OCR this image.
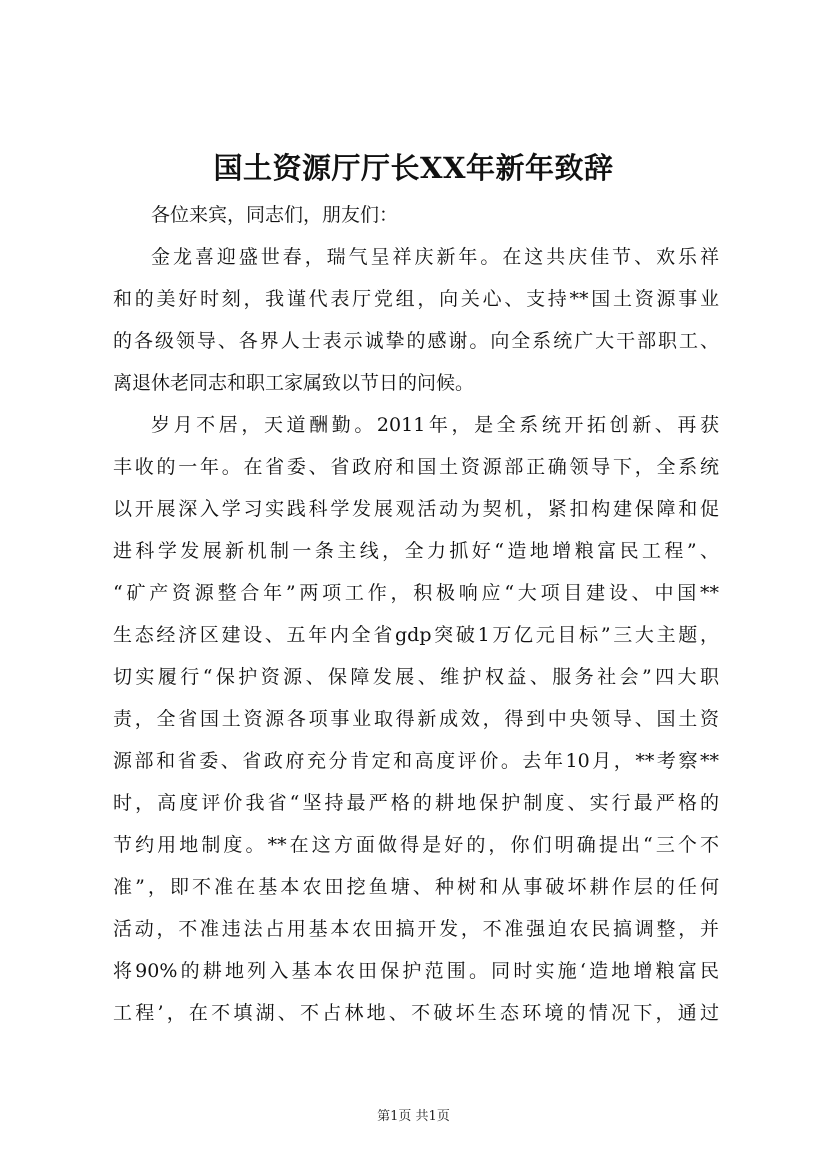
国土资源厅厅长XX年新年致辞
各位来宾，同志们，朋友们：
金龙喜迎盛世春，瑞气呈祥庆新年。在这共庆佳节、欢乐祥
和的美好时刻，我谨代表厅党组，向关心、支持**国土资源事业
的各级领导、各界人士表示诚挚的感谢。向全系统广大干部职工、
离退休老同志和职工家属致以节日的问候。
岁月不居，天道酬勤。2011年，是全系统开拓创新、再获
丰收的一年。在省委、省政府和国土资源部正确领导下，全系统
以开展深入学习实践科学发展观活动为契机，紧扣构建保障和促
进科学发展新机制一条主线，全力抓好“造地增粮富民工程”、
“矿产资源整合年”两项工作，积极响应“大项目建设、中国**
生态经济区建设、五年内全省gdp突破1万亿元目标”三大主题，
切实履行“保护资源、保障发展、维护权益、服务社会”四大职
责，全省国土资源各项事业取得新成效，得到中央领导、国土资
源部和省委、省政府充分肯定和高度评价。去年10月，**考察**
时，高度评价我省“坚持最严格的耕地保护制度、实行最严格的
节约用地制度。**在这方面做得是好的，你们明确提出“三个不
准”，即不准在基本农田挖鱼塘、种树和从事破坏耕作层的任何
活动，不准违法占用基本农田搞开发，不准强迫农民搞调整，并
将90%的耕地列入基本农田保护范围。同时实施‘造地增粮富民
工程’，在不填湖、不占林地、不破坏生态环境的情况下，通过
第1页 共1页
